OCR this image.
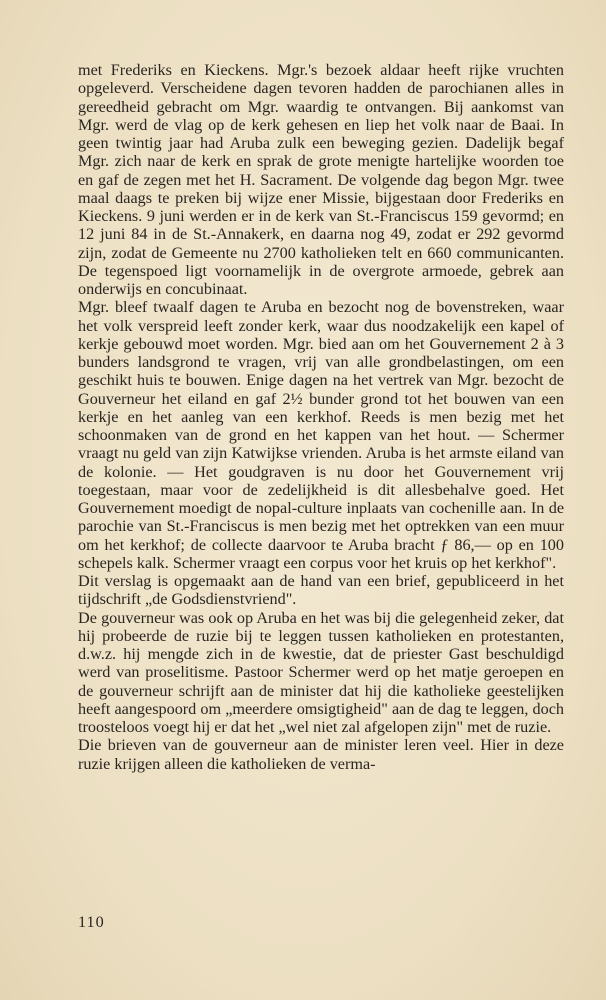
met Frederiks en Kieckens. Mgr.'s bezoek aldaar heeft rijke vruchten opgeleverd. Verscheidene dagen tevoren hadden de parochianen alles in gereedheid gebracht om Mgr. waardig te ontvangen. Bij aankomst van Mgr. werd de vlag op de kerk gehesen en liep het volk naar de Baai. In geen twintig jaar had Aruba zulk een beweging gezien. Dadelijk begaf Mgr. zich naar de kerk en sprak de grote menigte hartelijke woorden toe en gaf de zegen met het H. Sacrament. De volgende dag begon Mgr. twee maal daags te preken bij wijze ener Missie, bijgestaan door Frederiks en Kieckens. 9 juni werden er in de kerk van St.-Franciscus 159 gevormd; en 12 juni 84 in de St.-Annakerk, en daarna nog 49, zodat er 292 gevormd zijn, zodat de Gemeente nu 2700 katholieken telt en 660 communicanten. De tegenspoed ligt voornamelijk in de overgrote armoede, gebrek aan onderwijs en concubinaat.

Mgr. bleef twaalf dagen te Aruba en bezocht nog de bovenstreken, waar het volk verspreid leeft zonder kerk, waar dus noodzakelijk een kapel of kerkje gebouwd moet worden. Mgr. bied aan om het Gouvernement 2 à 3 bunders landsgrond te vragen, vrij van alle grondbelastingen, om een geschikt huis te bouwen. Enige dagen na het vertrek van Mgr. bezocht de Gouverneur het eiland en gaf 2½ bunder grond tot het bouwen van een kerkje en het aanleg van een kerkhof. Reeds is men bezig met het schoonmaken van de grond en het kappen van het hout. — Schermer vraagt nu geld van zijn Katwijkse vrienden. Aruba is het armste eiland van de kolonie. — Het goudgraven is nu door het Gouvernement vrij toegestaan, maar voor de zedelijkheid is dit allesbehalve goed. Het Gouvernement moedigt de nopal-culture inplaats van cochenille aan. In de parochie van St.-Franciscus is men bezig met het optrekken van een muur om het kerkhof; de collecte daarvoor te Aruba bracht ƒ 86,— op en 100 schepels kalk. Schermer vraagt een corpus voor het kruis op het kerkhof".

Dit verslag is opgemaakt aan de hand van een brief, gepubliceerd in het tijdschrift „de Godsdienstvriend".

De gouverneur was ook op Aruba en het was bij die gelegenheid zeker, dat hij probeerde de ruzie bij te leggen tussen katholieken en protestanten, d.w.z. hij mengde zich in de kwestie, dat de priester Gast beschuldigd werd van proselitisme. Pastoor Schermer werd op het matje geroepen en de gouverneur schrijft aan de minister dat hij die katholieke geestelijken heeft aangespoord om „meerdere omsigtigheid" aan de dag te leggen, doch troosteloos voegt hij er dat het „wel niet zal afgelopen zijn" met de ruzie.

Die brieven van de gouverneur aan de minister leren veel. Hier in deze ruzie krijgen alleen die katholieken de verma-

110
